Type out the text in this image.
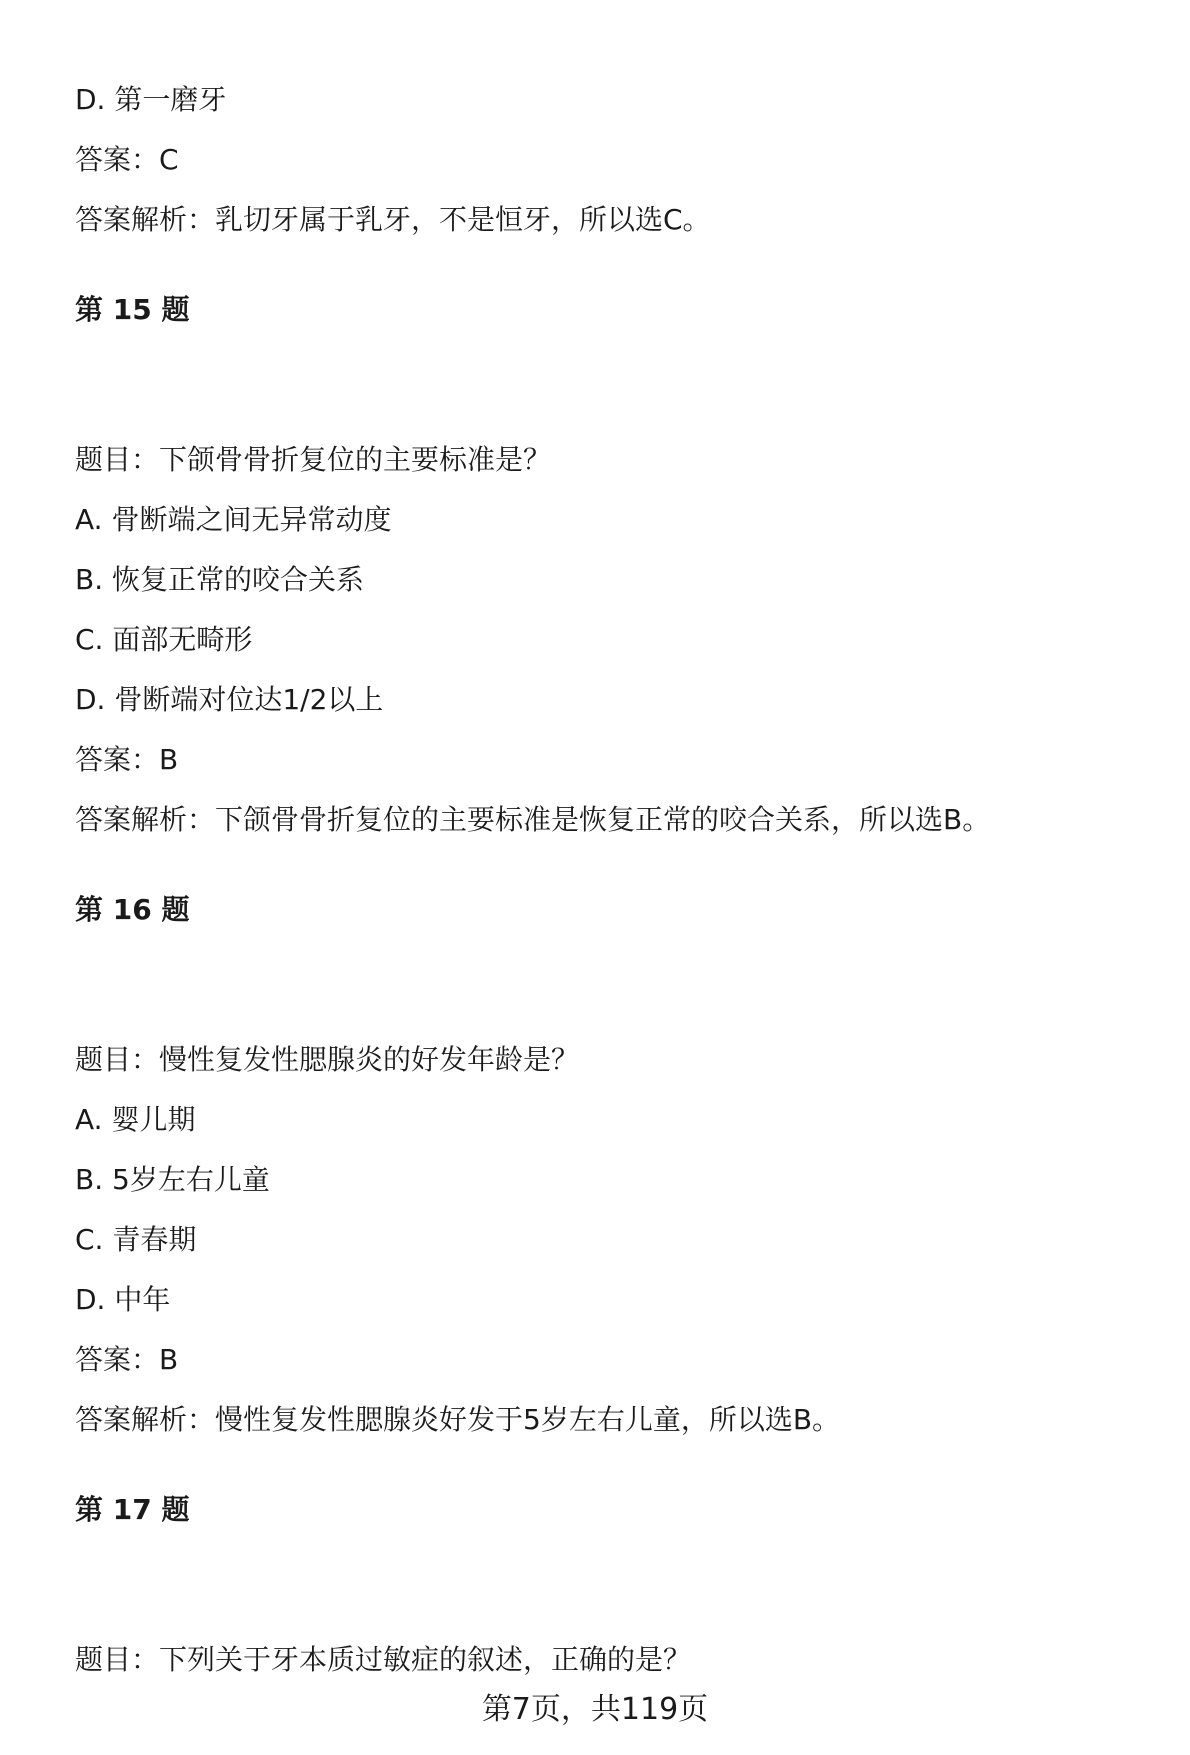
D. 第一磨牙
答案：C
答案解析：乳切牙属于乳牙，不是恒牙，所以选C。
第 15 题
题目：下颌骨骨折复位的主要标准是？
A. 骨断端之间无异常动度
B. 恢复正常的咬合关系
C. 面部无畸形
D. 骨断端对位达1/2以上
答案：B
答案解析：下颌骨骨折复位的主要标准是恢复正常的咬合关系，所以选B。
第 16 题
题目：慢性复发性腮腺炎的好发年龄是？
A. 婴儿期
B. 5岁左右儿童
C. 青春期
D. 中年
答案：B
答案解析：慢性复发性腮腺炎好发于5岁左右儿童，所以选B。
第 17 题
题目：下列关于牙本质过敏症的叙述，正确的是？
第7页，共119页
